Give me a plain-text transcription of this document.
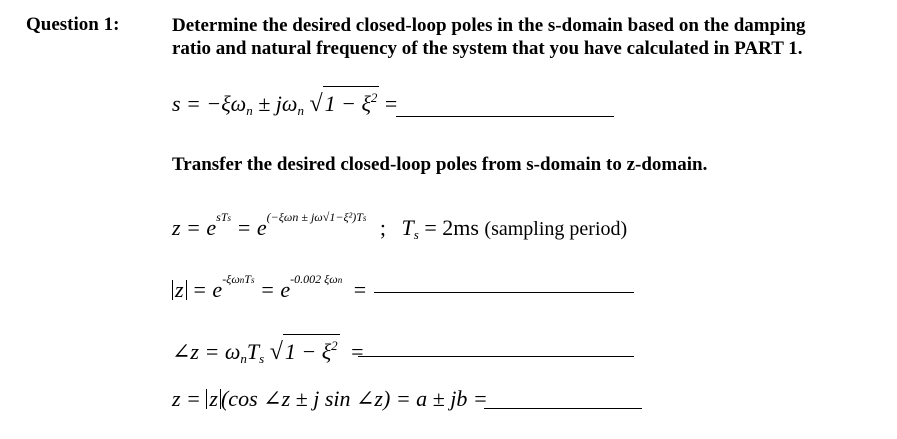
Question 1:	Determine the desired closed-loop poles in the s-domain based on the damping
ratio and natural frequency of the system that you have calculated in PART 1.
$s = -\xi\omega_n \pm j\omega_n$ $√1 - \xi^2$ =
Transfer the desired closed-loop poles from s-domain to z-domain.
$z = e^{sTs} = e^{(-\xi\omega n \pm j\omega√1-\xi^2)Ts}$ ; $T_s = 2ms$ (sampling period)
$z = e^{-\xi\omega nTs} = e^{-0.002 \xi\omega n}$ =
∠z = $\omega_nT_s$ $√1 - \xi^2$ =
z = z (cos ∠z ± j sin ∠z) = a ± jb =
